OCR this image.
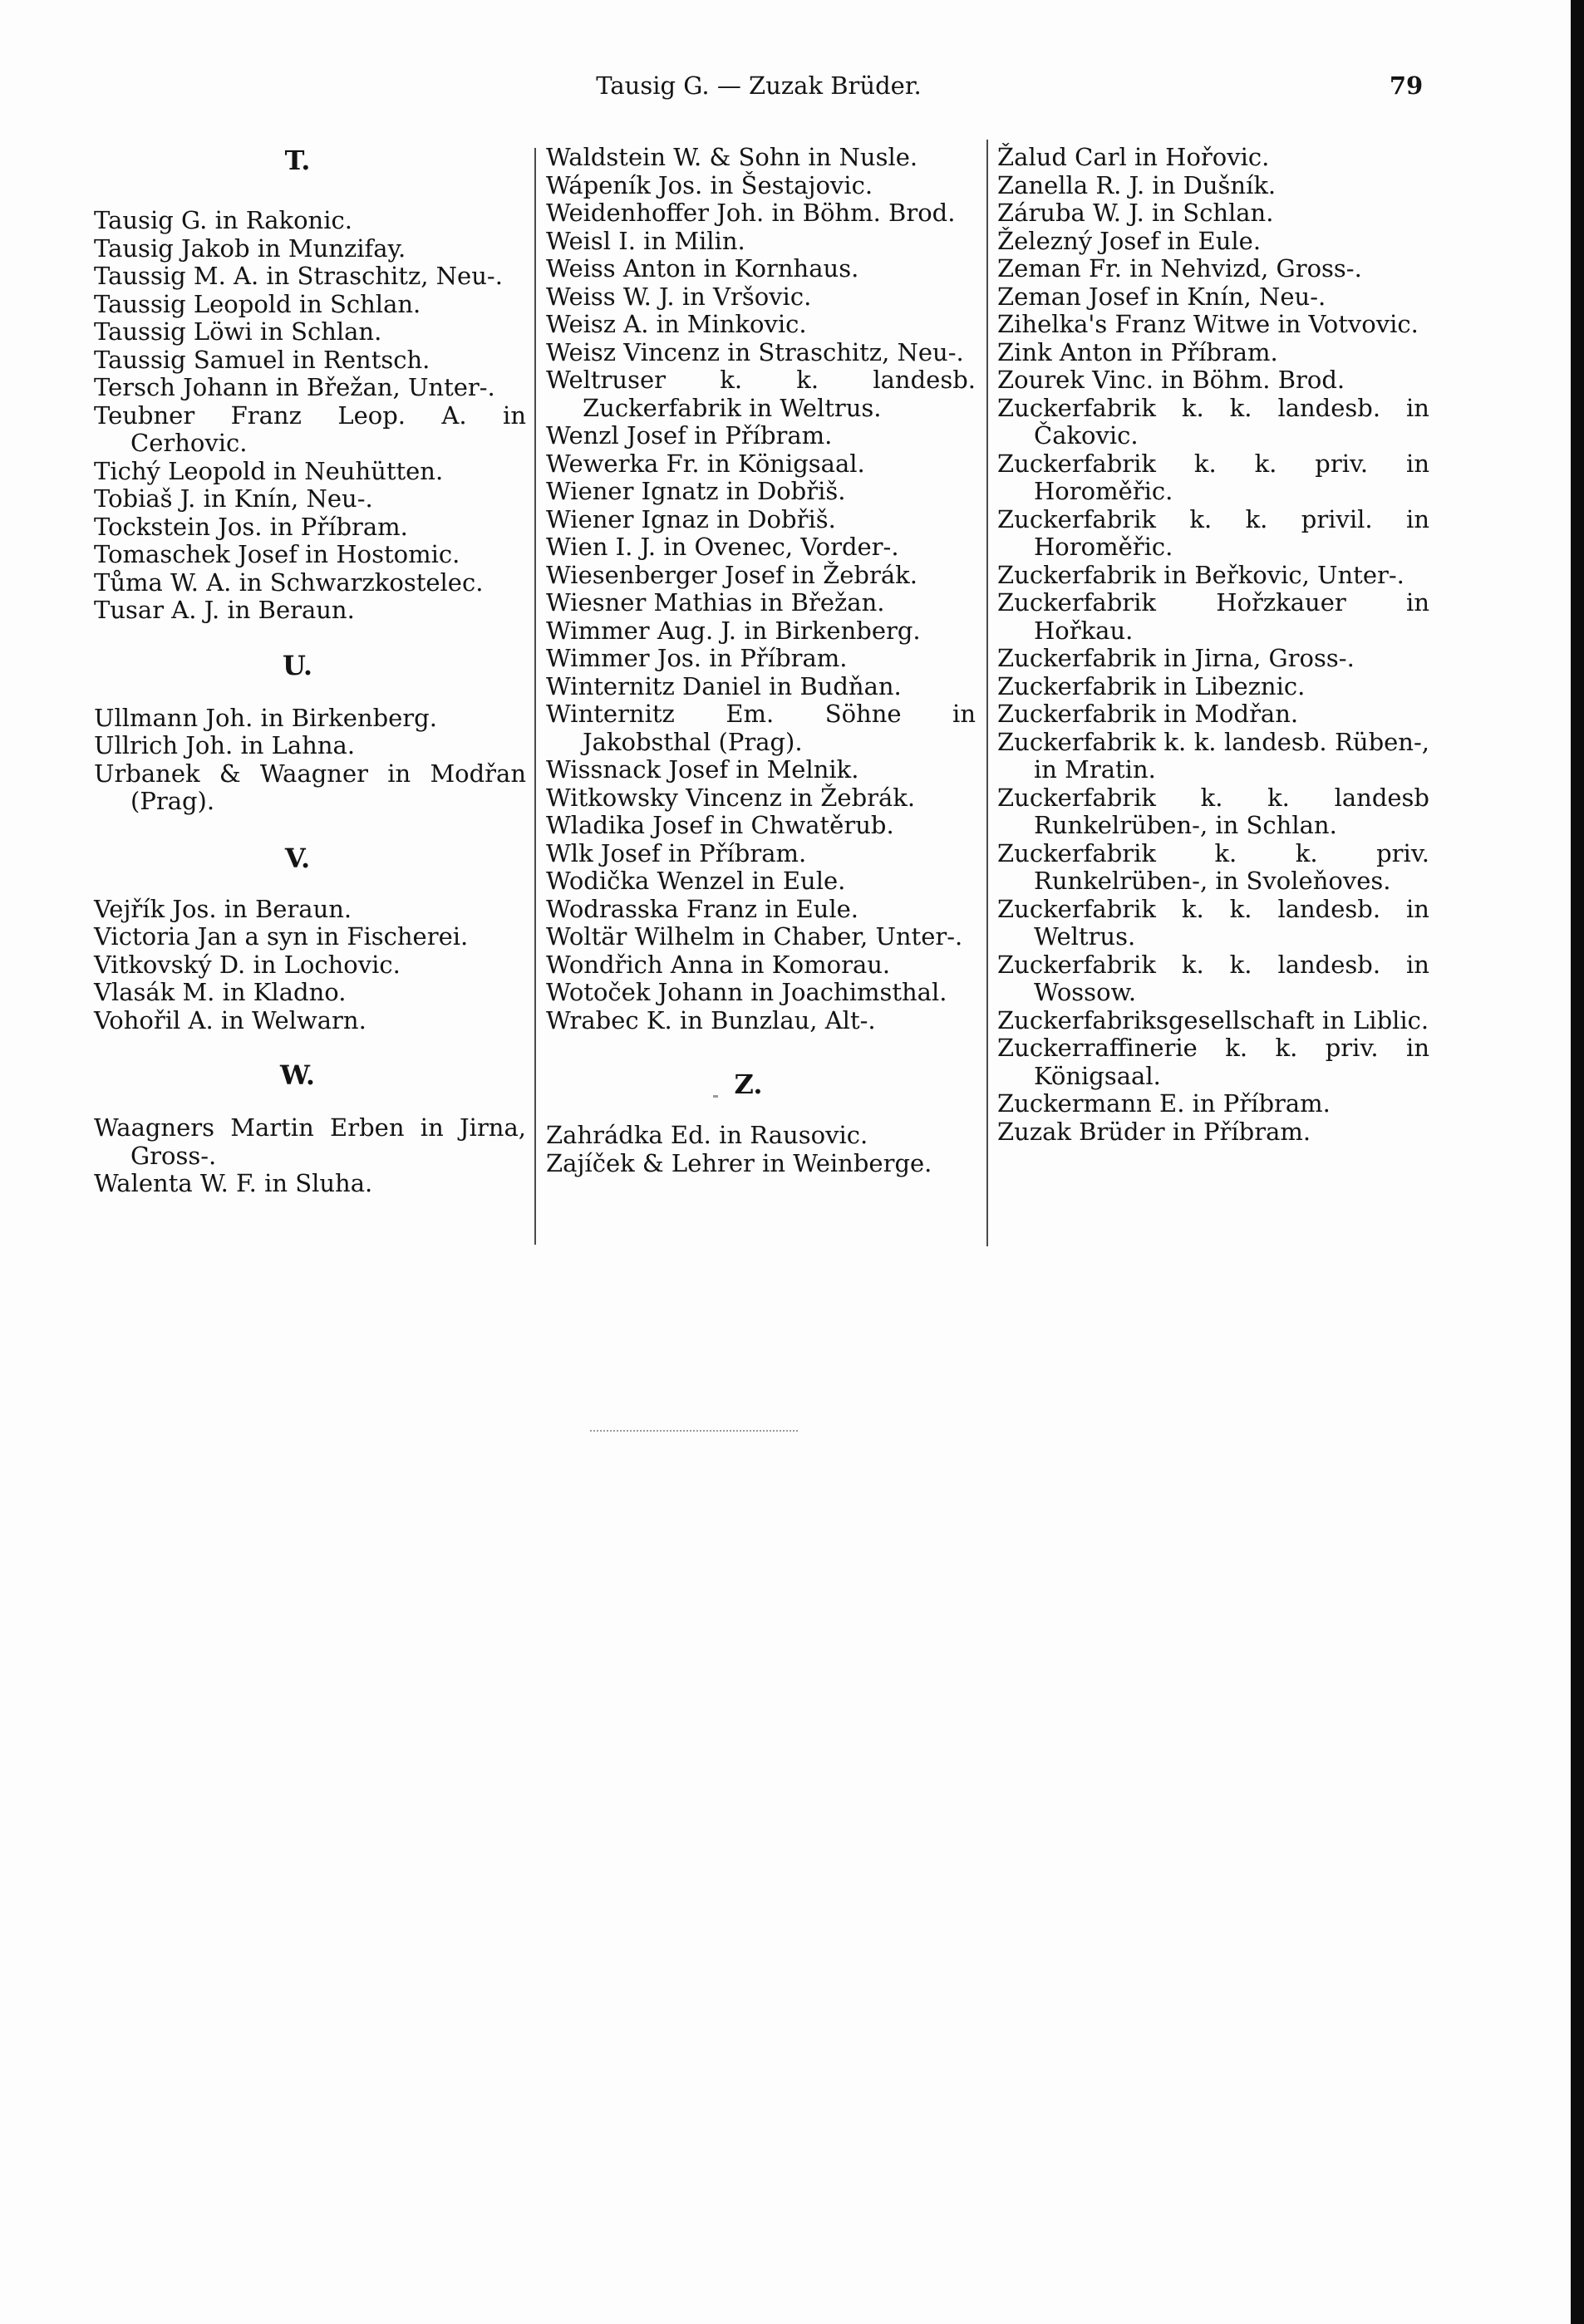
Tausig G. — Zuzak Brüder.	79
T.
Tausig G. in Rakonic.
Tausig Jakob in Munzifay.
Taussig M. A. in Straschitz, Neu-.
Taussig Leopold in Schlan.
Taussig Löwi in Schlan.
Taussig Samuel in Rentsch.
Tersch Johann in Břežan, Unter-.
Teubner Franz Leop. A. in Cerhovic.
Tichý Leopold in Neuhütten.
Tobiaš J. in Knín, Neu-.
Tockstein Jos. in Příbram.
Tomaschek Josef in Hostomic.
Tůma W. A. in Schwarzkostelec.
Tusar A. J. in Beraun.
U.
Ullmann Joh. in Birkenberg.
Ullrich Joh. in Lahna.
Urbanek & Waagner in Modřan (Prag).
V.
Vejřík Jos. in Beraun.
Victoria Jan a syn in Fischerei.
Vitkovský D. in Lochovic.
Vlasák M. in Kladno.
Vohořil A. in Welwarn.
W.
Waagners Martin Erben in Jirna, Gross-.
Walenta W. F. in Sluha.
Waldstein W. & Sohn in Nusle.
Wápeník Jos. in Šestajovic.
Weidenhoffer Joh. in Böhm. Brod.
Weisl I. in Milin.
Weiss Anton in Kornhaus.
Weiss W. J. in Vršovic.
Weisz A. in Minkovic.
Weisz Vincenz in Straschitz, Neu-.
Weltruser k. k. landesb. Zuckerfabrik in Weltrus.
Wenzl Josef in Příbram.
Wewerka Fr. in Königsaal.
Wiener Ignatz in Dobřiš.
Wiener Ignaz in Dobřiš.
Wien I. J. in Ovenec, Vorder-.
Wiesenberger Josef in Žebrák.
Wiesner Mathias in Břežan.
Wimmer Aug. J. in Birkenberg.
Wimmer Jos. in Příbram.
Winternitz Daniel in Budňan.
Winternitz Em. Söhne in Jakobsthal (Prag).
Wissnack Josef in Melnik.
Witkowsky Vincenz in Žebrák.
Wladika Josef in Chwatěrub.
Wlk Josef in Příbram.
Wodička Wenzel in Eule.
Wodrasska Franz in Eule.
Woltär Wilhelm in Chaber, Unter-.
Wondřich Anna in Komorau.
Wotoček Johann in Joachimsthal.
Wrabec K. in Bunzlau, Alt-.
Z.
Zahrádka Ed. in Rausovic.
Zajíček & Lehrer in Weinberge.
Žalud Carl in Hořovic.
Zanella R. J. in Dušník.
Záruba W. J. in Schlan.
Železný Josef in Eule.
Zeman Fr. in Nehvizd, Gross-.
Zeman Josef in Knín, Neu-.
Zihelka's Franz Witwe in Votvovic.
Zink Anton in Příbram.
Zourek Vinc. in Böhm. Brod.
Zuckerfabrik k. k. landesb. in Čakovic.
Zuckerfabrik k. k. priv. in Horoměřic.
Zuckerfabrik k. k. privil. in Horoměřic.
Zuckerfabrik in Beřkovic, Unter-.
Zuckerfabrik Hořzkauer in Hořkau.
Zuckerfabrik in Jirna, Gross-.
Zuckerfabrik in Libeznic.
Zuckerfabrik in Modřan.
Zuckerfabrik k. k. landesb. Rüben-, in Mratin.
Zuckerfabrik k. k. landesb Runkelrüben-, in Schlan.
Zuckerfabrik k. k. priv. Runkelrüben-, in Svoleňoves.
Zuckerfabrik k. k. landesb. in Weltrus.
Zuckerfabrik k. k. landesb. in Wossow.
Zuckerfabriksgesellschaft in Liblic.
Zuckerraffinerie k. k. priv. in Königsaal.
Zuckermann E. in Příbram.
Zuzak Brüder in Příbram.
